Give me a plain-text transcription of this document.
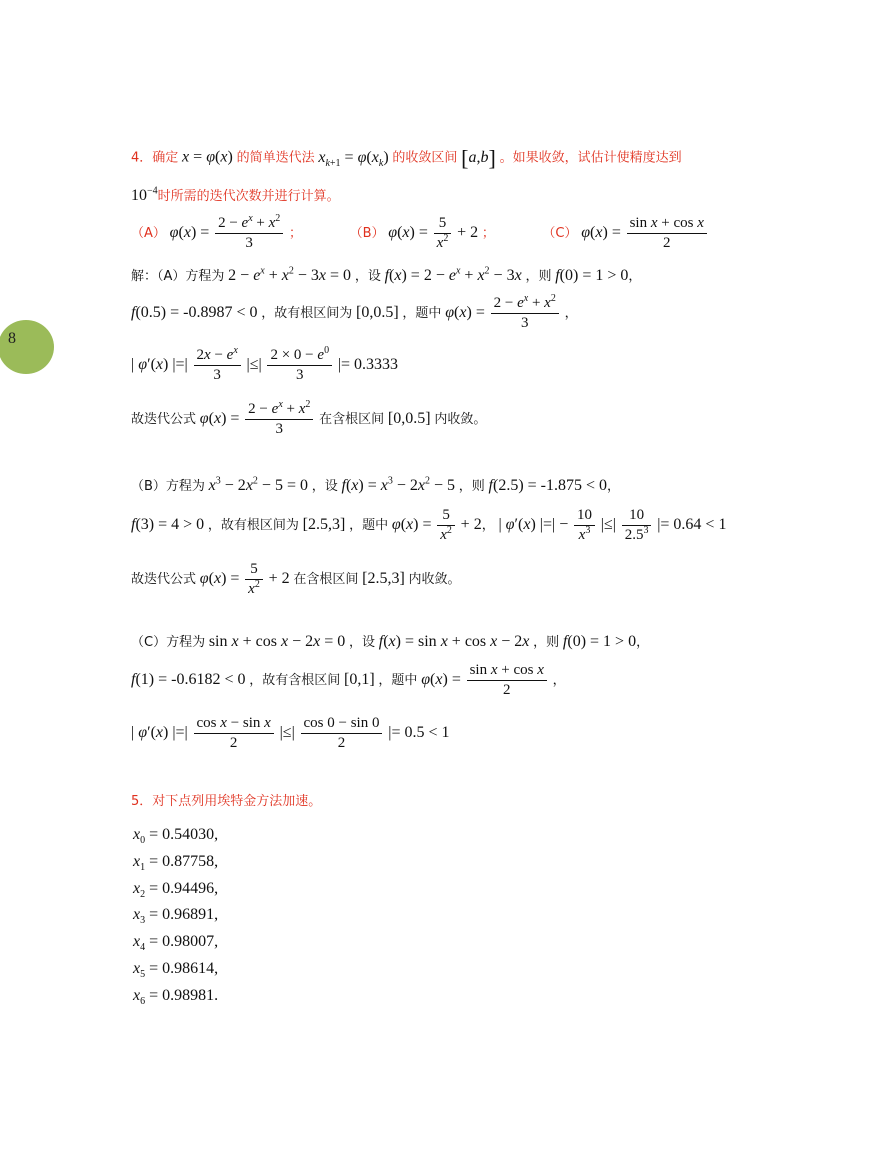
8
4．确定 x = φ(x) 的简单迭代法 $x_{k+1} = \varphi(x_k)$ 的收敛区间 [a,b] 。如果收敛，试估计使精度达到
$10^{-4}$时所需的迭代次数并进行计算。
（A） $\varphi(x) = \frac{2 - e^x + x^2}{3}$ ；	（B） $\varphi(x) = \frac{5}{x^2} + 2$ ；	（C） $\varphi(x) = \frac{\text{sin x + cos x}}{2}$
解：（A）方程为 $2 - e^x + x^2 - 3x = 0$ ，设 $f(x) = 2 - e^x + x^2 - 3x$ ，则 f(0) = 1 > 0，
f(0.5) = -0.8987 < 0 ，故有根区间为 [0,0.5] ，题中 $\varphi(x) = \frac{2 - e^x + x^2}{3}$ ，
| φ′(x) |=| $\frac{2x - e^x}{3}$ |≤| $\frac{2 \times 0 - e^0}{3}$ |= 0.3333
故迭代公式 $\varphi(x) = \frac{2 - e^x + x^2}{3}$ 在含根区间 [0,0.5] 内收敛。
（B）方程为 $x^3 - 2x^2 - 5 = 0$ ，设 $f(x) = x^3 - 2x^2 - 5$ ，则 f(2.5) = -1.875 < 0，
f(3) = 4 > 0 ，故有根区间为 [2.5,3] ，题中 $\varphi(x) = \frac{5}{x^2} + 2$， | φ′(x) |=| − $\frac{10}{x^3}$ |≤| $\frac{10}{2.5^3}$ |= 0.64 < 1
故迭代公式 $\varphi(x) = \frac{5}{x^2} + 2$ 在含根区间 [2.5,3] 内收敛。
（C）方程为 sin x + cos x − 2x = 0 ，设 f(x) = sin x + cos x − 2x ，则 f(0) = 1 > 0，
f(1) = -0.6182 < 0 ，故有含根区间 [0,1] ，题中 $\varphi(x) = \frac{\text{sin x + cos x}}{2}$ ，
| φ′(x) |=| $\frac{\text{cos x − sin x}}{2}$ |≤| $\frac{\cos 0 - \sin 0}{2}$ |= 0.5 < 1
5．对下点列用埃特金方法加速。
$x_0 = 0.54030$,
$x_1 = 0.87758$,
$x_2 = 0.94496$,
$x_3 = 0.96891$,
$x_4 = 0.98007$,
$x_5 = 0.98614$,
$x_6 = 0.98981$.
